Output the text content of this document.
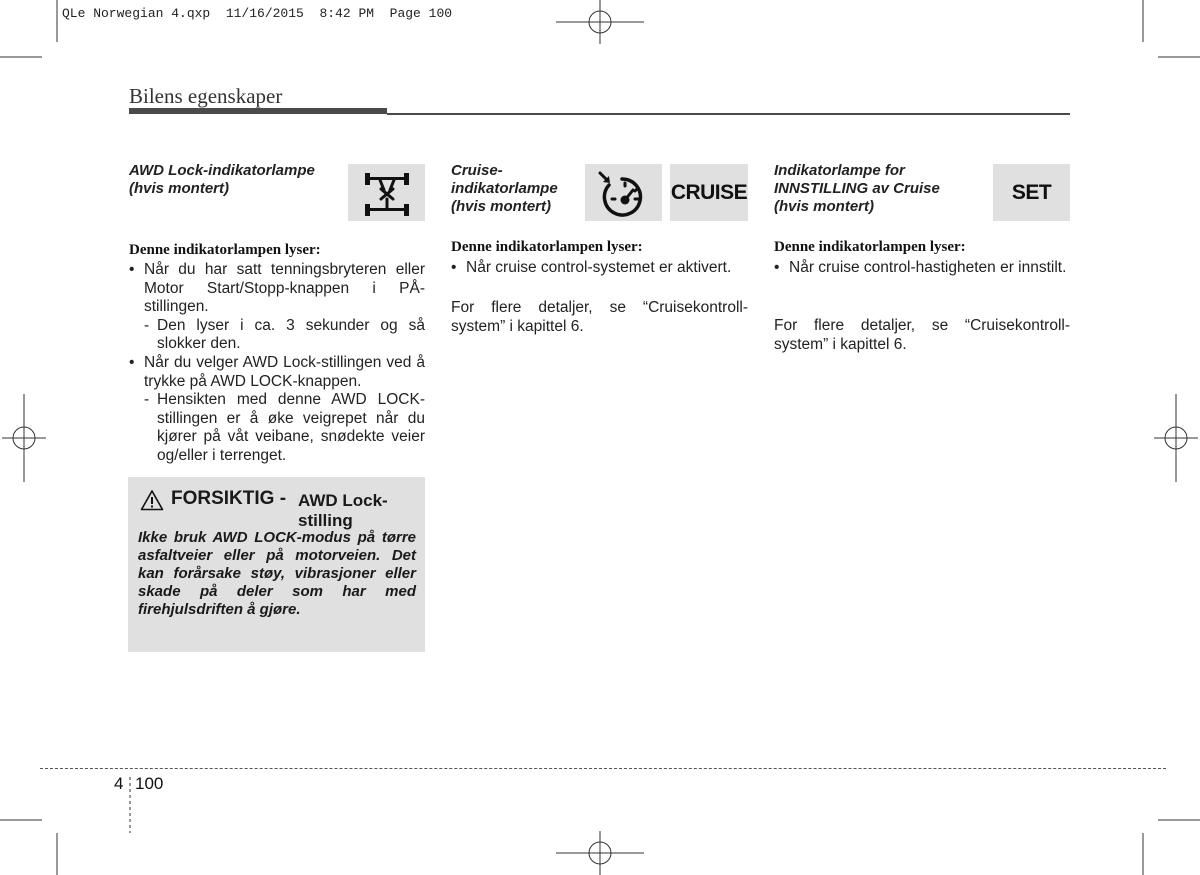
QLe Norwegian 4.qxp  11/16/2015  8:42 PM  Page 100
Bilens egenskaper
AWD Lock-indikatorlampe
(hvis montert)
Denne indikatorlampen lyser:
• Når du har satt tenningsbryteren eller Motor Start/Stopp-knappen i PÅ-stillingen.
- Den lyser i ca. 3 sekunder og så slokker den.
• Når du velger AWD Lock-stillingen ved å trykke på AWD LOCK-knappen.
- Hensikten med denne AWD LOCK-stillingen er å øke veigrepet når du kjører på våt veibane, snødekte veier og/eller i terrenget.
FORSIKTIG - AWD Lock-
stilling
Ikke bruk AWD LOCK-modus på tørre asfaltveier eller på motorveien. Det kan forårsake støy, vibrasjoner eller skade på deler som har med firehjulsdriften å gjøre.
Cruise-
indikatorlampe
(hvis montert)
CRUISE
Denne indikatorlampen lyser:
• Når cruise control-systemet er aktivert.

For flere detaljer, se “Cruisekontroll-system” i kapittel 6.

Indikatorlampe for
INNSTILLING av Cruise
(hvis montert)
SET
Denne indikatorlampen lyser:
• Når cruise control-hastigheten er innstilt.

For flere detaljer, se “Cruisekontroll-system” i kapittel 6.

4 100
